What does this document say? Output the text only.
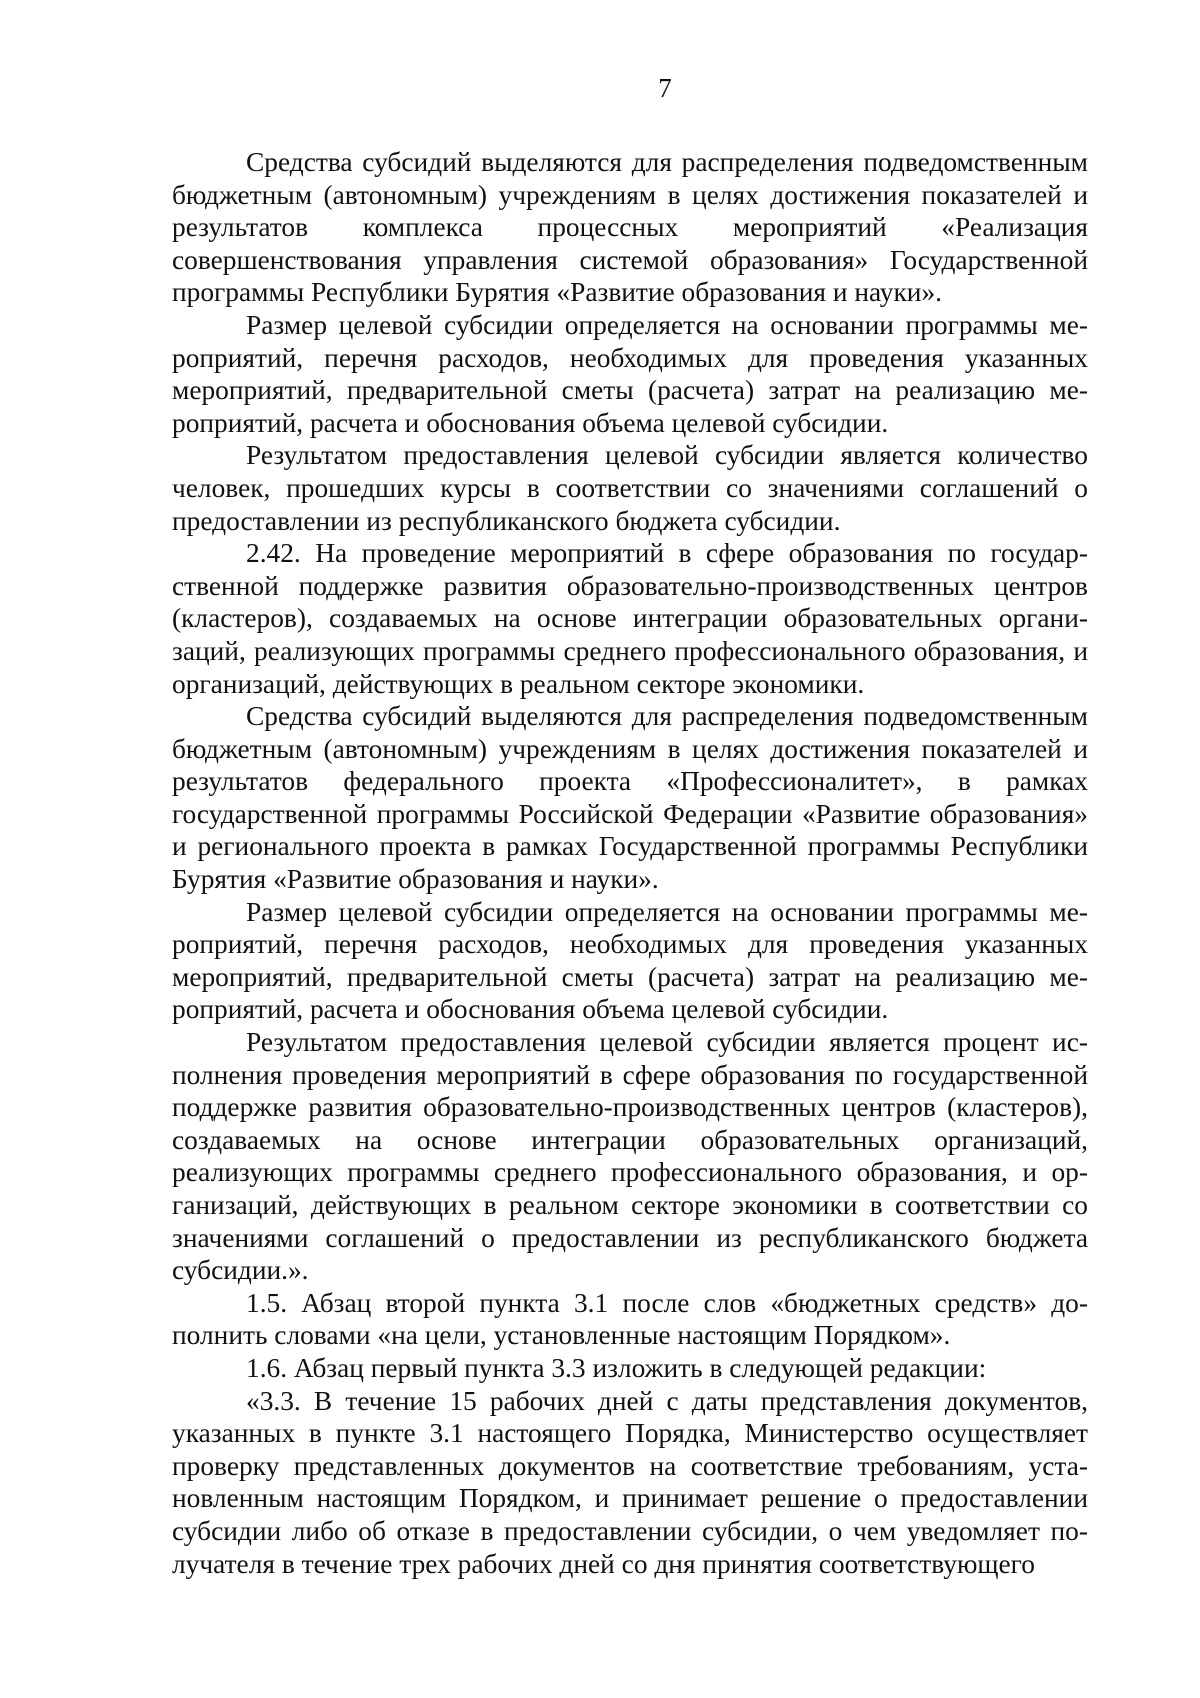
7

Средства субсидий выделяются для распределения подведомственным бюджетным (автономным) учреждениям в целях достижения показателей и результатов комплекса процессных мероприятий «Реализация совершенствования управления системой образования» Государственной программы Республики Бурятия «Развитие образования и науки».

Размер целевой субсидии определяется на основании программы мероприятий, перечня расходов, необходимых для проведения указанных мероприятий, предварительной сметы (расчета) затрат на реализацию мероприятий, расчета и обоснования объема целевой субсидии.

Результатом предоставления целевой субсидии является количество человек, прошедших курсы в соответствии со значениями соглашений о предоставлении из республиканского бюджета субсидии.

2.42. На проведение мероприятий в сфере образования по государственной поддержке развития образовательно-производственных центров (кластеров), создаваемых на основе интеграции образовательных организаций, реализующих программы среднего профессионального образования, и организаций, действующих в реальном секторе экономики.

Средства субсидий выделяются для распределения подведомственным бюджетным (автономным) учреждениям в целях достижения показателей и результатов федерального проекта «Профессионалитет», в рамках государственной программы Российской Федерации «Развитие образования» и регионального проекта в рамках Государственной программы Республики Бурятия «Развитие образования и науки».

Размер целевой субсидии определяется на основании программы мероприятий, перечня расходов, необходимых для проведения указанных мероприятий, предварительной сметы (расчета) затрат на реализацию мероприятий, расчета и обоснования объема целевой субсидии.

Результатом предоставления целевой субсидии является процент исполнения проведения мероприятий в сфере образования по государственной поддержке развития образовательно-производственных центров (кластеров), создаваемых на основе интеграции образовательных организаций, реализующих программы среднего профессионального образования, и организаций, действующих в реальном секторе экономики в соответствии со значениями соглашений о предоставлении из республиканского бюджета субсидии.».

1.5. Абзац второй пункта 3.1 после слов «бюджетных средств» дополнить словами «на цели, установленные настоящим Порядком».

1.6. Абзац первый пункта 3.3 изложить в следующей редакции:

«3.3. В течение 15 рабочих дней с даты представления документов, указанных в пункте 3.1 настоящего Порядка, Министерство осуществляет проверку представленных документов на соответствие требованиям, установленным настоящим Порядком, и принимает решение о предоставлении субсидии либо об отказе в предоставлении субсидии, о чем уведомляет получателя в течение трех рабочих дней со дня принятия соответствующего
